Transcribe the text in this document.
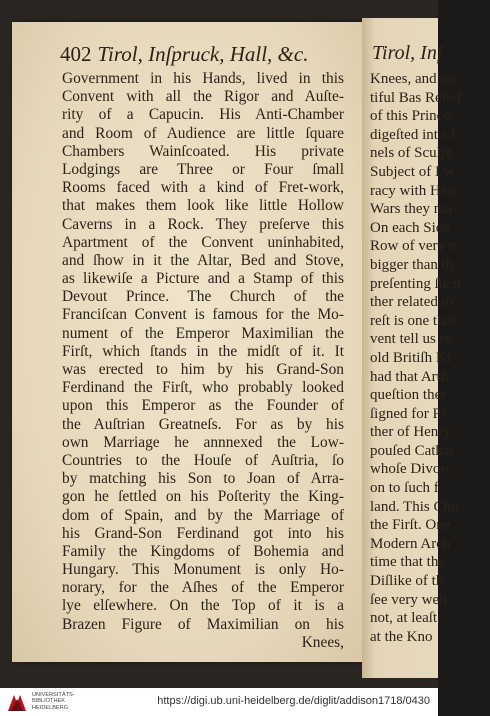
402 Tirol, Inſpruck, Hall, &c.
Government in his Hands, lived in this
Convent with all the Rigor and Auſte-
rity of a Capucin. His Anti-Chamber
and Room of Audience are little ſquare
Chambers Wainſcoated. His private
Lodgings are Three or Four ſmall
Rooms faced with a kind of Fret-work,
that makes them look like little Hollow
Caverns in a Rock. They preſerve this
Apartment of the Convent uninhabited,
and ſhow in it the Altar, Bed and Stove,
as likewiſe a Picture and a Stamp of this
Devout Prince. The Church of the
Franciſcan Convent is famous for the Mo-
nument of the Emperor Maximilian the
Firſt, which ſtands in the midſt of it. It
was erected to him by his Grand-Son
Ferdinand the Firſt, who probably looked
upon this Emperor as the Founder of
the Auſtrian Greatneſs. For as by his
own Marriage he annnexed the Low-
Countries to the Houſe of Auſtria, ſo
by matching his Son to Joan of Arra-
gon he ſettled on his Poſterity the King-
dom of Spain, and by the Marriage of
his Grand-Son Ferdinand got into his
Family the Kingdoms of Bohemia and
Hungary. This Monument is only Ho-
norary, for the Aſhes of the Emperor
lye elſewhere. On the Top of it is a
Brazen Figure of Maximilian on his
Knees,
Tirol, Inſ
Knees, and on
tiful Bas Relief
of this Prince.
digeſted into T
nels of Sculpt
Subject of I w
racy with Hen
Wars they ma
On each Side
Row of very n
bigger than th
preſenting ſuch
ther related to
reſt is one that
vent tell us re
old Britiſh Ki
had that Arth
queſtion ther
ſigned for Pr
ther of Henry
pouſed Cathar
whoſe Divorc
on to ſuch f
land. This Chu
the Firſt. One
Modern Arch
time that the
Diſlike of th
ſee very well
not, at leaſt
at the Kno
UNIVERSITÄTS- BIBLIOTHEK HEIDELBERG
https://digi.ub.uni-heidelberg.de/diglit/addison1718/0430
